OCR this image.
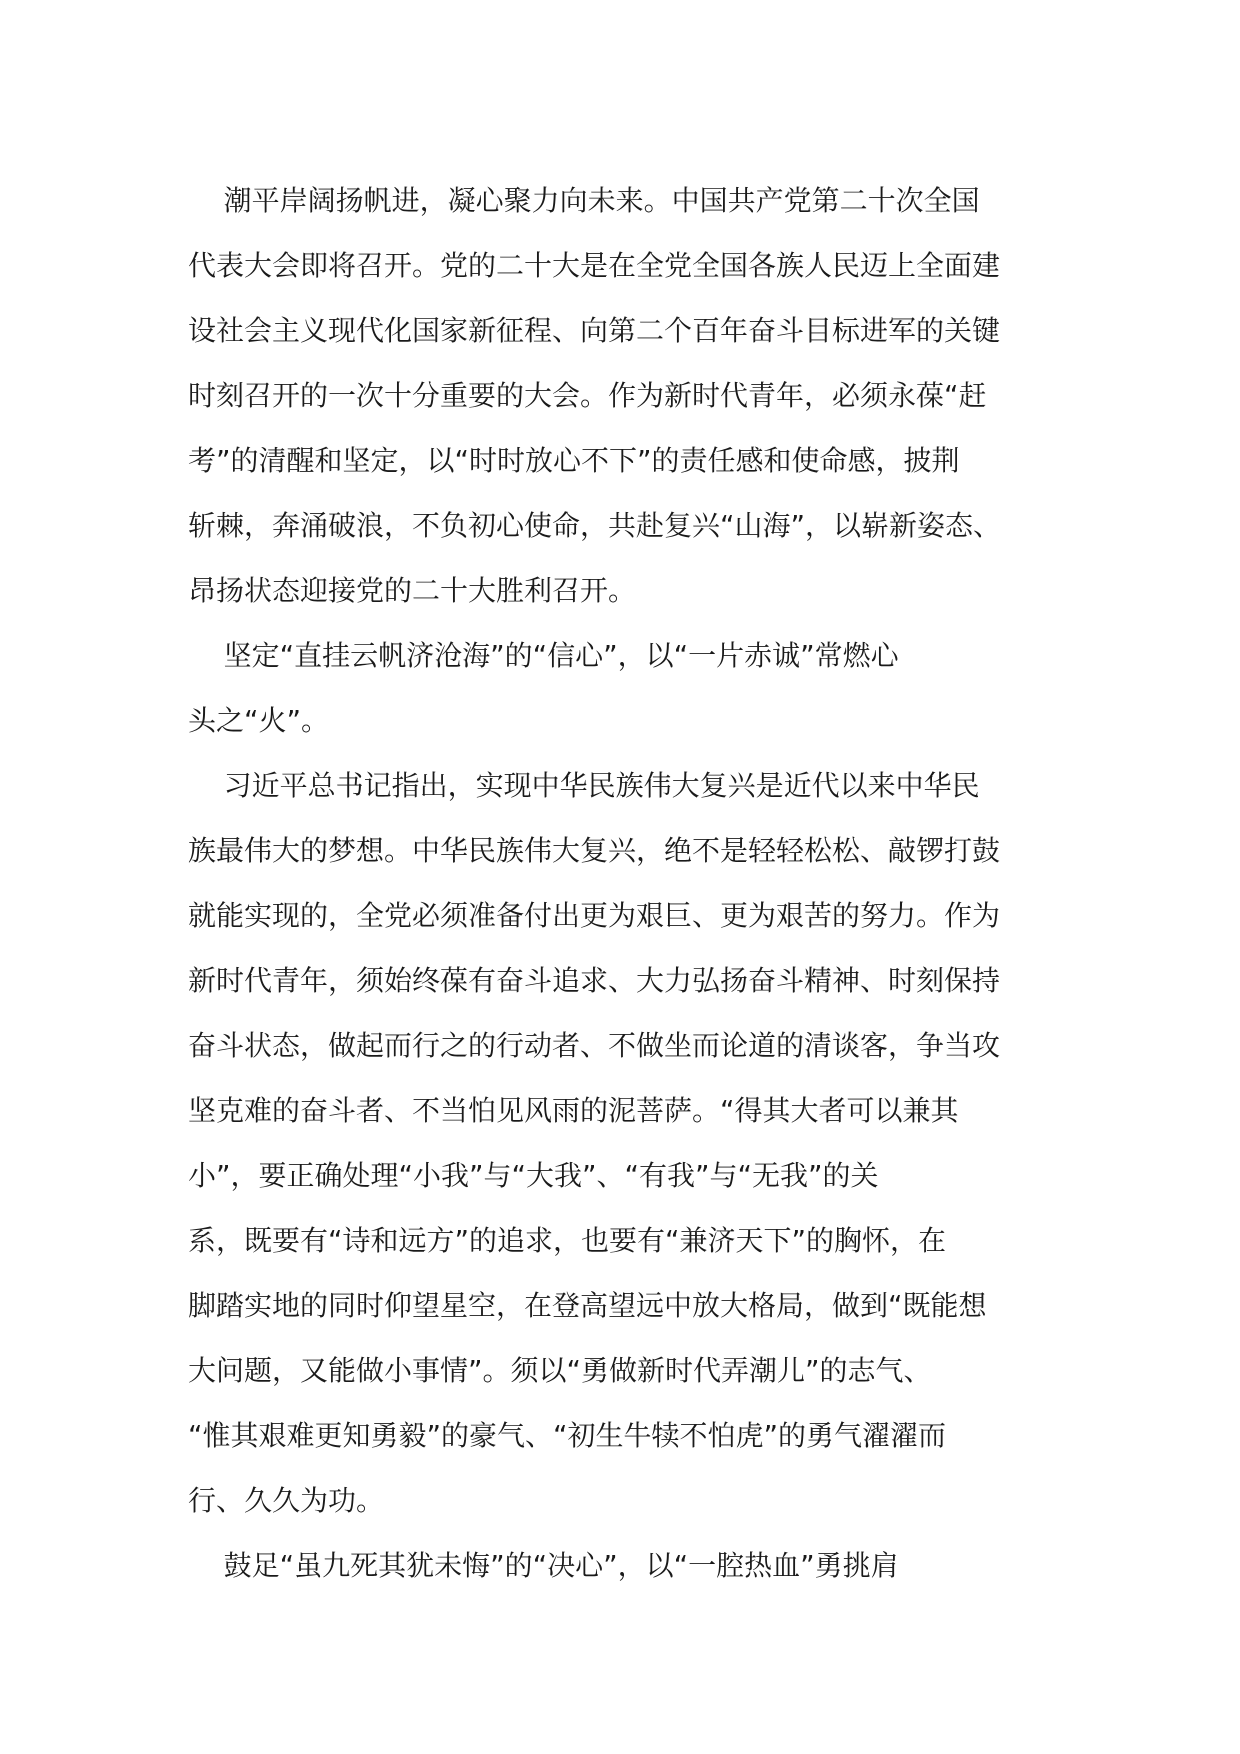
潮平岸阔扬帆进，凝心聚力向未来。中国共产党第二十次全国
代表大会即将召开。党的二十大是在全党全国各族人民迈上全面建
设社会主义现代化国家新征程、向第二个百年奋斗目标进军的关键
时刻召开的一次十分重要的大会。作为新时代青年，必须永葆“赶
考”的清醒和坚定，以“时时放心不下”的责任感和使命感，披荆
斩棘，奔涌破浪，不负初心使命，共赴复兴“山海”，以崭新姿态、
昂扬状态迎接党的二十大胜利召开。
坚定“直挂云帆济沧海”的“信心”，以“一片赤诚”常燃心
头之“火”。
习近平总书记指出，实现中华民族伟大复兴是近代以来中华民
族最伟大的梦想。中华民族伟大复兴，绝不是轻轻松松、敲锣打鼓
就能实现的，全党必须准备付出更为艰巨、更为艰苦的努力。作为
新时代青年，须始终葆有奋斗追求、大力弘扬奋斗精神、时刻保持
奋斗状态，做起而行之的行动者、不做坐而论道的清谈客，争当攻
坚克难的奋斗者、不当怕见风雨的泥菩萨。“得其大者可以兼其
小”，要正确处理“小我”与“大我”、“有我”与“无我”的关
系，既要有“诗和远方”的追求，也要有“兼济天下”的胸怀，在
脚踏实地的同时仰望星空，在登高望远中放大格局，做到“既能想
大问题，又能做小事情”。须以“勇做新时代弄潮儿”的志气、
“惟其艰难更知勇毅”的豪气、“初生牛犊不怕虎”的勇气濯濯而
行、久久为功。
鼓足“虽九死其犹未悔”的“决心”，以“一腔热血”勇挑肩
